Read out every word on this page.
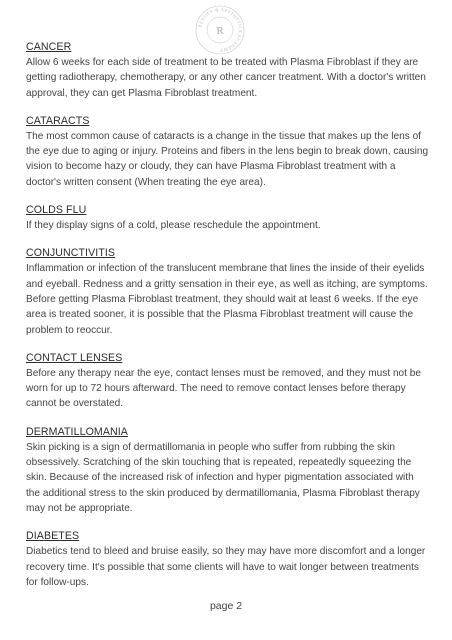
BEAUTY & AESTHETICS ACADEMY
R
CANCER

Allow 6 weeks for each side of treatment to be treated with Plasma Fibroblast if they are getting radiotherapy, chemotherapy, or any other cancer treatment. With a doctor's written approval, they can get Plasma Fibroblast treatment.

CATARACTS

The most common cause of cataracts is a change in the tissue that makes up the lens of the eye due to aging or injury. Proteins and fibers in the lens begin to break down, causing vision to become hazy or cloudy, they can have Plasma Fibroblast treatment with a doctor's written consent (When treating the eye area).

COLDS FLU

If they display signs of a cold, please reschedule the appointment.

CONJUNCTIVITIS

Inflammation or infection of the translucent membrane that lines the inside of their eyelids and eyeball. Redness and a gritty sensation in their eye, as well as itching, are symptoms. Before getting Plasma Fibroblast treatment, they should wait at least 6 weeks. If the eye area is treated sooner, it is possible that the Plasma Fibroblast treatment will cause the problem to reoccur.

CONTACT LENSES

Before any therapy near the eye, contact lenses must be removed, and they must not be worn for up to 72 hours afterward. The need to remove contact lenses before therapy cannot be overstated.

DERMATILLOMANIA

Skin picking is a sign of dermatillomania in people who suffer from rubbing the skin obsessively. Scratching of the skin touching that is repeated, repeatedly squeezing the skin. Because of the increased risk of infection and hyper pigmentation associated with the additional stress to the skin produced by dermatillomania, Plasma Fibroblast therapy may not be appropriate.

DIABETES

Diabetics tend to bleed and bruise easily, so they may have more discomfort and a longer recovery time. It's possible that some clients will have to wait longer between treatments for follow-ups.

page 2
